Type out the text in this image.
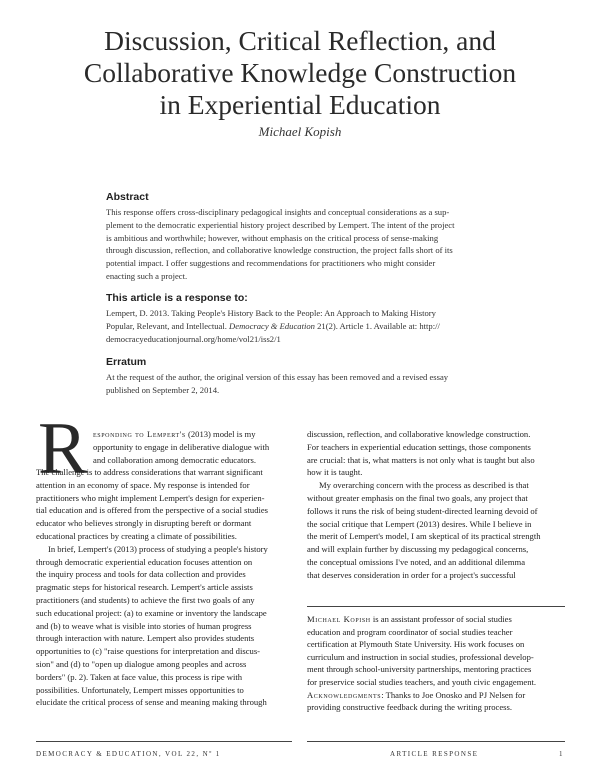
Discussion, Critical Reflection, and
Collaborative Knowledge Construction
in Experiential Education
Michael Kopish
Abstract
This response offers cross-disciplinary pedagogical insights and conceptual considerations as a sup-
plement to the democratic experiential history project described by Lempert. The intent of the project
is ambitious and worthwhile; however, without emphasis on the critical process of sense-making
through discussion, reflection, and collaborative knowledge construction, the project falls short of its
potential impact. I offer suggestions and recommendations for practitioners who might consider
enacting such a project.
This article is a response to:
Lempert, D. 2013. Taking People's History Back to the People: An Approach to Making History
Popular, Relevant, and Intellectual. Democracy & Education 21(2). Article 1. Available at: http://
democracyeducationjournal.org/home/vol21/iss2/1
Erratum
At the request of the author, the original version of this essay has been removed and a revised essay
published on September 2, 2014.
R esponding to Lempert's (2013) model is my
opportunity to engage in deliberative dialogue with
and collaboration among democratic educators.
The challenge is to address considerations that warrant significant
attention in an economy of space. My response is intended for
practitioners who might implement Lempert's design for experien-
tial education and is offered from the perspective of a social studies
educator who believes strongly in disrupting bereft or dormant
educational practices by creating a climate of possibilities.
In brief, Lempert's (2013) process of studying a people's history
through democratic experiential education focuses attention on
the inquiry process and tools for data collection and provides
pragmatic steps for historical research. Lempert's article assists
practitioners (and students) to achieve the first two goals of any
such educational project: (a) to examine or inventory the landscape
and (b) to weave what is visible into stories of human progress
through interaction with nature. Lempert also provides students
opportunities to (c) "raise questions for interpretation and discus-
sion" and (d) to "open up dialogue among peoples and across
borders" (p. 2). Taken at face value, this process is ripe with
possibilities. Unfortunately, Lempert misses opportunities to
elucidate the critical process of sense and meaning making through
discussion, reflection, and collaborative knowledge construction.
For teachers in experiential education settings, those components
are crucial: that is, what matters is not only what is taught but also
how it is taught.
My overarching concern with the process as described is that
without greater emphasis on the final two goals, any project that
follows it runs the risk of being student-directed learning devoid of
the social critique that Lempert (2013) desires. While I believe in
the merit of Lempert's model, I am skeptical of its practical strength
and will explain further by discussing my pedagogical concerns,
the conceptual omissions I've noted, and an additional dilemma
that deserves consideration in order for a project's successful
Michael Kopish is an assistant professor of social studies
education and program coordinator of social studies teacher
certification at Plymouth State University. His work focuses on
curriculum and instruction in social studies, professional develop-
ment through school-university partnerships, mentoring practices
for preservice social studies teachers, and youth civic engagement.
Acknowledgments: Thanks to Joe Onosko and PJ Nelsen for
providing constructive feedback during the writing process.
DEMOCRACY & EDUCATION, VOL 22, Nº 1	ARTICLE RESPONSE	1
